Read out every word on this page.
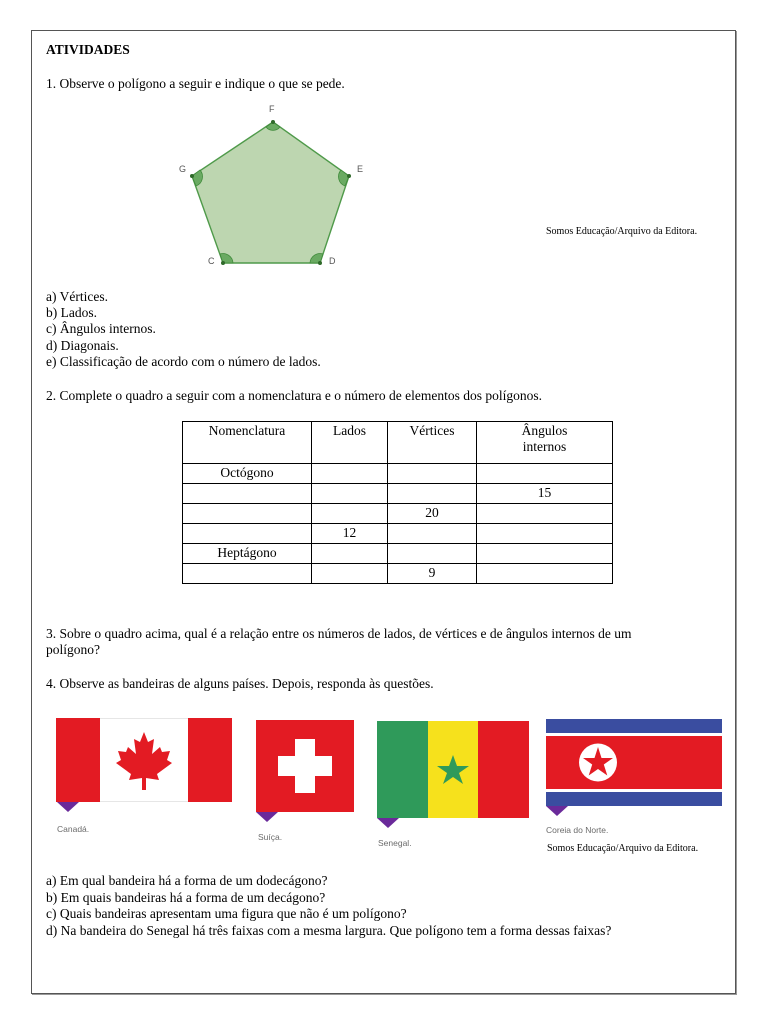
ATIVIDADES
1. Observe o polígono a seguir e indique o que se pede.
F
E
D
C
G
Somos Educação/Arquivo da Editora.
a) Vértices.
b) Lados.
c) Ângulos internos.
d) Diagonais.
e) Classificação de acordo com o número de lados.
2. Complete o quadro a seguir com a nomenclatura e o número de elementos dos polígonos.
Nomenclatura	Lados	Vértices	Ângulos
internos
Octógono			
			15
		20	
	12		
Heptágono			
		9	
3. Sobre o quadro acima, qual é a relação entre os números de lados, de vértices e de ângulos internos de um
polígono?
4. Observe as bandeiras de alguns países. Depois, responda às questões.
Canadá.
Suíça.
Senegal.
Coreia do Norte.
Somos Educação/Arquivo da Editora.
a) Em qual bandeira há a forma de um dodecágono?
b) Em quais bandeiras há a forma de um decágono?
c) Quais bandeiras apresentam uma figura que não é um polígono?
d) Na bandeira do Senegal há três faixas com a mesma largura. Que polígono tem a forma dessas faixas?
